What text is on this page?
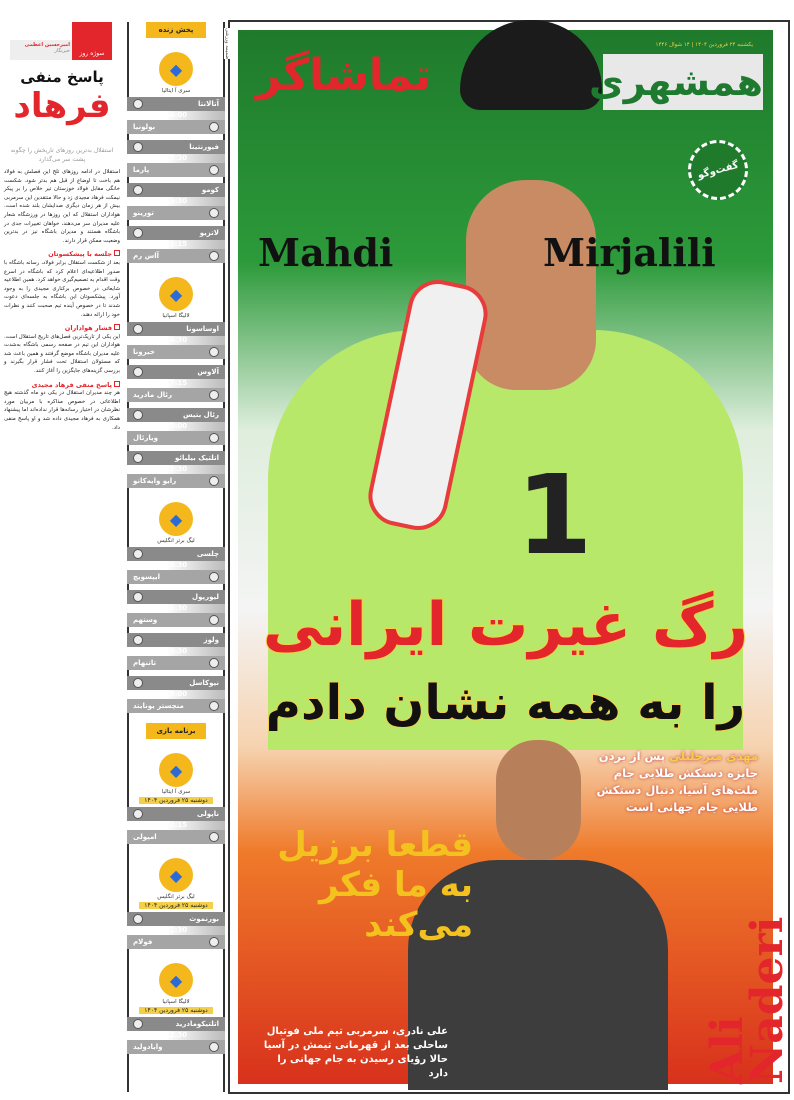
سوژه روز
امیرحسین اعظمی
خبرنگار
پاسخ منفی
فرهاد
استقلال بدترین روزهای تاریخش را چگونه پشت سر می‌گذارد

استقلال در ادامه روزهای تلخ این فصلش به فولاد هم باخت تا اوضاع از قبل هم بدتر شود. شکست خانگی مقابل فولاد خوزستان تیر خلاص را بر پیکر نیمکت فرهاد مجیدی زد و حالا منتقدین این سرمربی بیش از هر زمان دیگری صدایشان بلند شده است. هواداران استقلال که این روزها در ورزشگاه شعار علیه مدیران سر می‌دهند، خواهان تغییرات جدی در باشگاه هستند و مدیران باشگاه نیز در بدترین وضعیت ممکن قرار دارند.

جلسه با پیشکسوتان

بعد از شکست استقلال برابر فولاد، رسانه باشگاه با صدور اطلاعیه‌ای اعلام کرد که باشگاه در اسرع وقت اقدام به تصمیم‌گیری خواهد کرد. همین اطلاعیه شایعاتی در خصوص برکناری مجیدی را به وجود آورد. پیشکسوتان این باشگاه به جلسه‌ای دعوت شدند تا در خصوص آینده تیم صحبت کنند و نظرات خود را ارائه دهند.

فشار هواداران

این یکی از تاریک‌ترین فصل‌های تاریخ استقلال است. هواداران این تیم در صفحه رسمی باشگاه به‌شدت علیه مدیران باشگاه موضع گرفتند و همین باعث شد که مسئولان استقلال تحت فشار قرار بگیرند و بررسی گزینه‌های جایگزین را آغاز کنند.

پاسخ منفی فرهاد مجیدی

هر چند مدیران استقلال در یکی دو ماه گذشته هیچ اطلاعاتی در خصوص مذاکره با مربیان مورد نظرشان در اختیار رسانه‌ها قرار نداده‌اند اما پیشنهاد همکاری به فرهاد مجیدی داده شد و او پاسخ منفی داد.

پخش زنده
◆
سری آ ایتالیا
آتالانتا
14:00
بولونیا
فیورنتینا
16:30
پارما
کومو
19:30
تورینو
لاتزیو
22:15
آاس رم
◆
لالیگا اسپانیا
اوساسونا
14:30
خیرونا
آلاوس
17:15
رئال مادرید
رئال بتیس
20:00
ویارئال
اتلتیک بیلبائو
22:30
رایو وایه‌کانو
◆
لیگ برتر انگلیس
چلسی
16:30
ایپسویچ
لیورپول
16:30
وستهم
ولوز
16:30
تاتنهام
نیوکاسل
19:00
منچستر یونایتد
برنامه بازی
◆
سری آ ایتالیا
دوشنبه ۲۵ فروردین ۱۴۰۴
ناپولی
22:15
امپولی
◆
لیگ برتر انگلیس
دوشنبه ۲۵ فروردین ۱۴۰۴
بورنموث
22:30
فولام
◆
لالیگا اسپانیا
دوشنبه ۲۵ فروردین ۱۴۰۴
اتلتیکومادرید
22:30
وایادولید
یکشنبه ۲۴ فروردین ۱۴۰۴ | ۱۴ شوال ۱۴۴۶
همشهری
تماشاگر
1
Mahdi	Mirjalili
گفت‌وگو
رگ غیرت ایرانی
را به همه نشان دادم
مهدی میرجلیلی پس از بردن جایزه دستکش طلایی جام ملت‌های آسیا، دنبال دستکش طلایی جام جهانی است
قطعا برزیل به ما فکر می‌کند
علی نادری، سرمربی تیم ملی فوتبال ساحلی بعد از قهرمانی تیمش در آسیا حالا رؤیای رسیدن به جام جهانی را دارد	Ali Naderi
ضمیمه ورزشی
